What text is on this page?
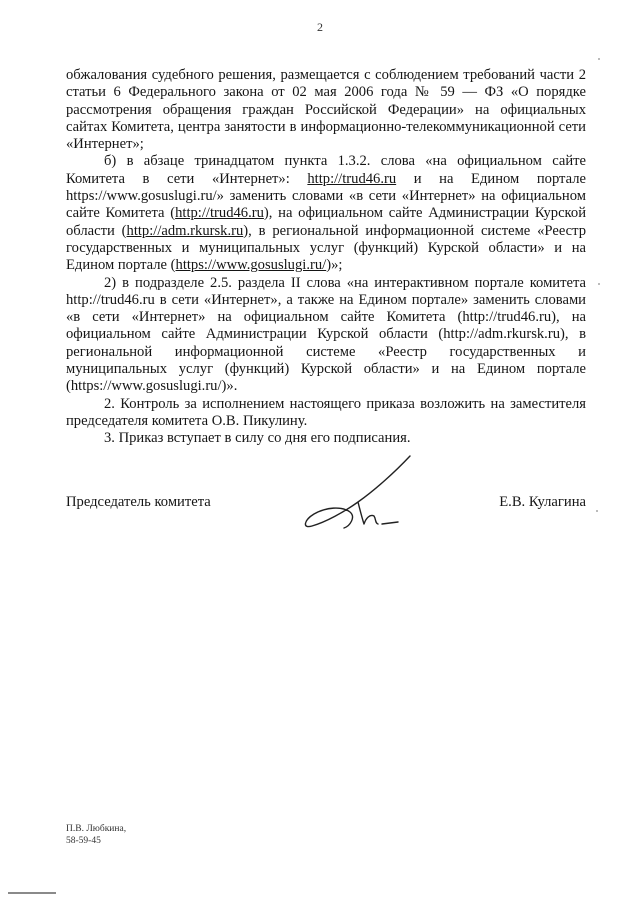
2

обжалования судебного решения, размещается с соблюдением требований части 2 статьи 6 Федерального закона от 02 мая 2006 года № 59 — ФЗ «О порядке рассмотрения обращения граждан Российской Федерации» на официальных сайтах Комитета, центра занятости в информационно-телекоммуникационной сети «Интернет»;

б) в абзаце тринадцатом пункта 1.3.2. слова «на официальном сайте Комитета в сети «Интернет»: http://trud46.ru и на Едином портале https://www.gosuslugi.ru/» заменить словами «в сети «Интернет» на официальном сайте Комитета (http://trud46.ru), на официальном сайте Администрации Курской области (http://adm.rkursk.ru), в региональной информационной системе «Реестр государственных и муниципальных услуг (функций) Курской области» и на Едином портале (https://www.gosuslugi.ru/)»;

2) в подразделе 2.5. раздела II слова «на интерактивном портале комитета http://trud46.ru в сети «Интернет», а также на Едином портале» заменить словами «в сети «Интернет» на официальном сайте Комитета (http://trud46.ru), на официальном сайте Администрации Курской области (http://adm.rkursk.ru), в региональной информационной системе «Реестр государственных и муниципальных услуг (функций) Курской области» и на Едином портале (https://www.gosuslugi.ru/)».

2. Контроль за исполнением настоящего приказа возложить на заместителя председателя комитета О.В. Пикулину.

3. Приказ вступает в силу со дня его подписания.

Председатель комитета	Е.В. Кулагина
П.В. Любкина,
58-59-45
